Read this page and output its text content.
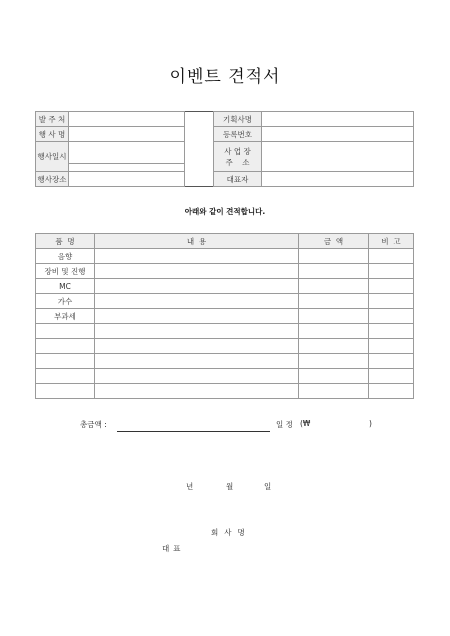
이벤트 견적서
발 주 처			기획사명	
행 사 명			등록번호	
행사일시			사 업 장
주    소	

행사장소			대표자	
아래와 같이 견적합니다.
품  명	내  용	금  액	비  고
음향			
장비 및 진행			
MC			
가수			
부과세			

총금액 :	일 정 (₩	)
년	월	일
회사명
대표
